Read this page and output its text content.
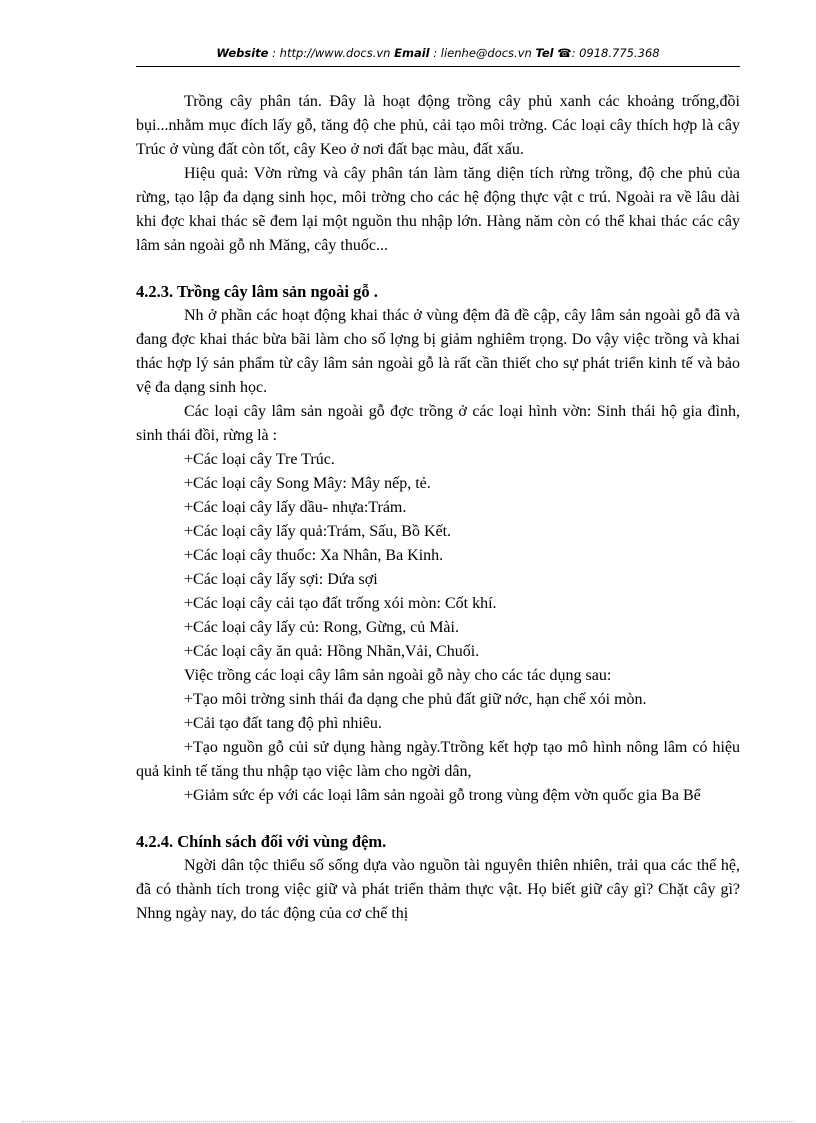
Website : http://www.docs.vn Email : lienhe@docs.vn Tel ☎: 0918.775.368

Trồng cây phân tán. Đây là hoạt động trồng cây phủ xanh các khoảng trống,đồi bụi...nhằm mục đích lấy gỗ, tăng độ che phủ, cải tạo môi trờng. Các loại cây thích hợp là cây Trúc ở vùng đất còn tốt, cây Keo ở nơi đất bạc màu, đất xấu.

Hiệu quả: Vờn rừng và cây phân tán làm tăng diện tích rừng trồng, độ che phủ của rừng, tạo lập đa dạng sinh học, môi trờng cho các hệ động thực vật c trú. Ngoài ra về lâu dài khi đợc khai thác sẽ đem lại một nguồn thu nhập lớn. Hàng năm còn có thể khai thác các cây lâm sản ngoài gỗ nh Măng, cây thuốc...

4.2.3. Trồng cây lâm sản ngoài gỗ .

Nh ở phần các hoạt động khai thác ở vùng đệm đã đề cập, cây lâm sản ngoài gỗ đã và đang đợc khai thác bừa bãi làm cho số lợng bị giảm nghiêm trọng. Do vậy việc trồng và khai thác hợp lý sản phẩm từ cây lâm sản ngoài gỗ là rất cần thiết cho sự phát triển kinh tế và bảo vệ đa dạng sinh học.

Các loại cây lâm sản ngoài gỗ đợc trồng ở các loại hình vờn: Sinh thái hộ gia đình, sinh thái đồi, rừng là :

+Các loại cây Tre Trúc.

+Các loại cây Song Mây: Mây nếp, tẻ.

+Các loại cây lấy dầu- nhựa:Trám.

+Các loại cây lấy quả:Trám, Sấu, Bồ Kết.

+Các loại cây thuốc: Xa Nhân, Ba Kinh.

+Các loại cây lấy sợi: Dứa sợi

+Các loại cây cải tạo đất trống xói mòn: Cốt khí.

+Các loại cây lấy củ: Rong, Gừng, củ Mài.

+Các loại cây ăn quả: Hồng Nhãn,Vải, Chuối.

Việc trồng các loại cây lâm sản ngoài gỗ này cho các tác dụng sau:

+Tạo môi trờng sinh thái đa dạng che phủ đất giữ nớc, hạn chế xói mòn.

+Cải tạo đất tang độ phì nhiêu.

+Tạo nguồn gỗ củi sử dụng hàng ngày.Ttrồng kết hợp tạo mô hình nông lâm có hiệu quả kinh tế tăng thu nhập tạo việc làm cho ngời dân,

+Giảm sức ép với các loại lâm sản ngoài gỗ trong vùng đệm vờn quốc gia Ba Bể

4.2.4. Chính sách đối với vùng đệm.

Ngời dân tộc thiểu số sống dựa vào nguồn tài nguyên thiên nhiên, trải qua các thế hệ, đã có thành tích trong việc giữ và phát triển thảm thực vật. Họ biết giữ cây gì? Chặt cây gì? Nhng ngày nay, do tác động của cơ chế thị
